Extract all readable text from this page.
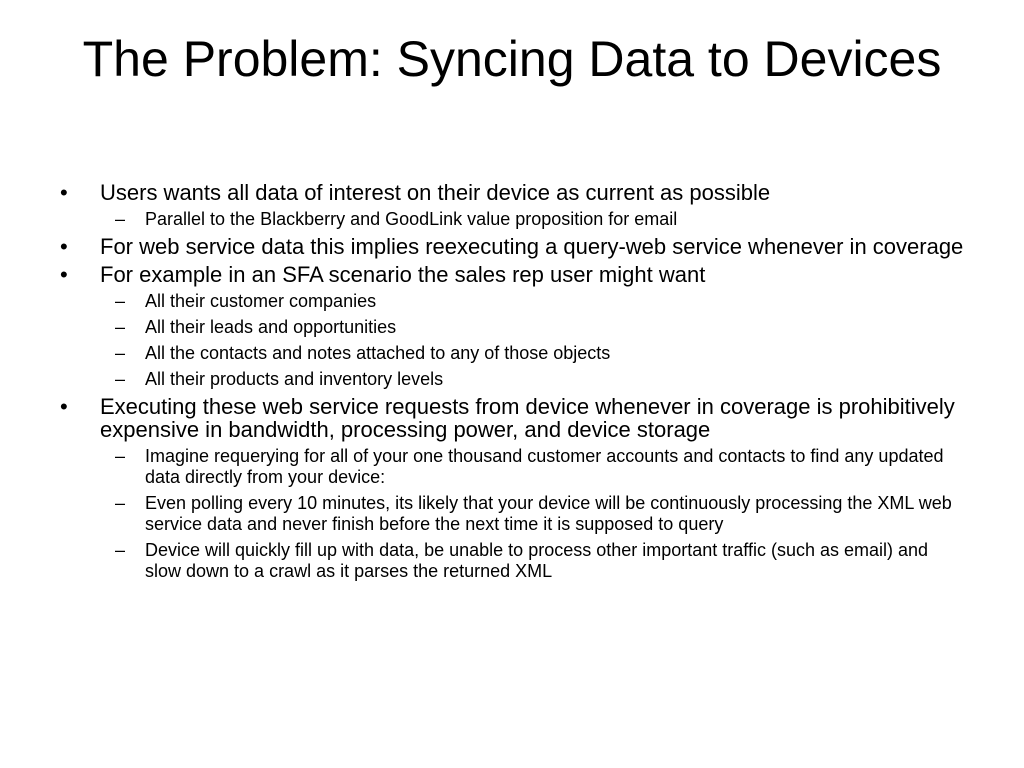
The Problem: Syncing Data to Devices
• Users wants all data of interest on their device as current as possible
– Parallel to the Blackberry and GoodLink value proposition for email
• For web service data this implies reexecuting a query-web service whenever in coverage
• For example in an SFA scenario the sales rep user might want
– All their customer companies
– All their leads and opportunities
– All the contacts and notes attached to any of those objects
– All their products and inventory levels
• Executing these web service requests from device whenever in coverage is prohibitively expensive in bandwidth, processing power, and device storage
– Imagine requerying for all of your one thousand customer accounts and contacts to find any updated data directly from your device:
– Even polling every 10 minutes, its likely that your device will be continuously processing the XML web service data and never finish before the next time it is supposed to query
– Device will quickly fill up with data, be unable to process other important traffic (such as email) and slow down to a crawl as it parses the returned XML
